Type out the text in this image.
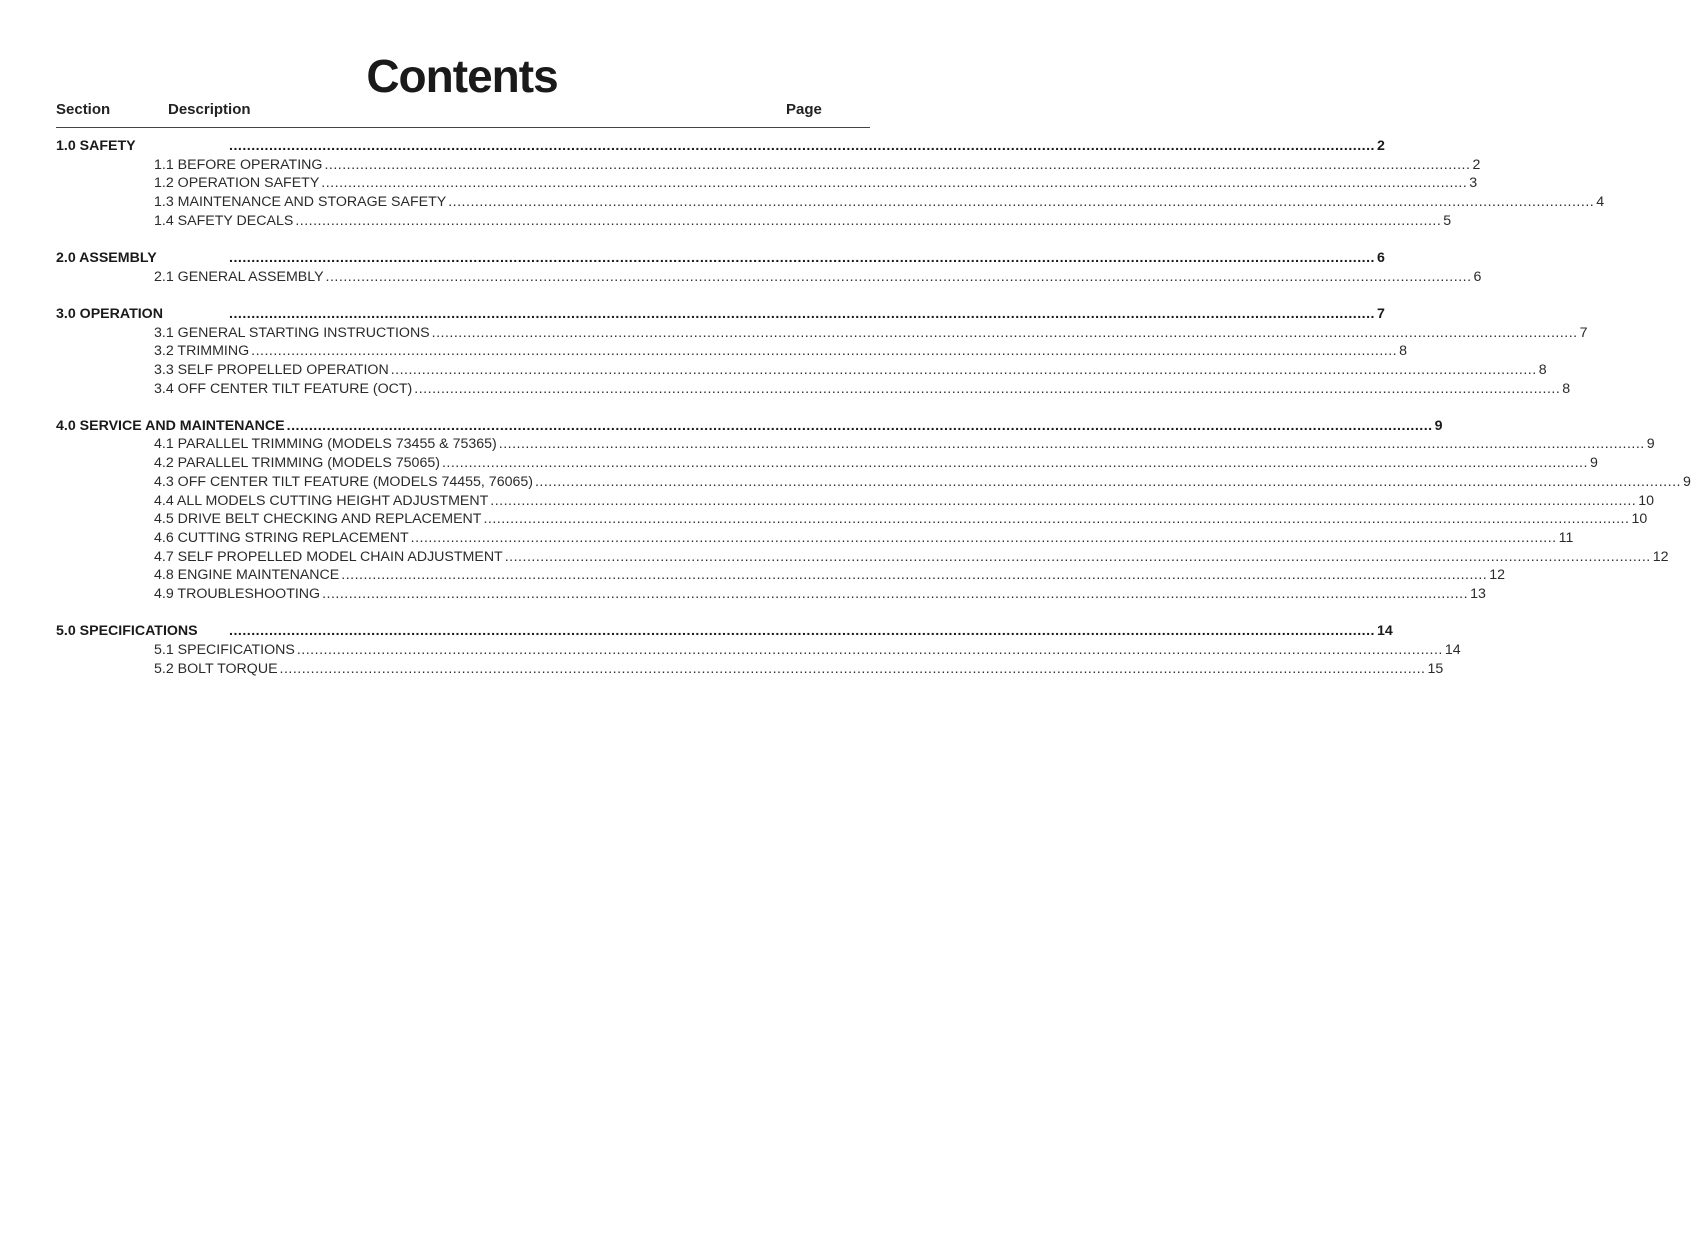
Contents
Section	Description	Page
1.0 SAFETY	.................................................................................................................................................................................................................................................................. 2
1.1 BEFORE OPERATING .................................................................................................................................................................................................................................................................. 2
1.2 OPERATION SAFETY .................................................................................................................................................................................................................................................................. 3
1.3 MAINTENANCE AND STORAGE SAFETY .................................................................................................................................................................................................................................................................. 4
1.4 SAFETY DECALS .................................................................................................................................................................................................................................................................. 5
2.0 ASSEMBLY	.................................................................................................................................................................................................................................................................. 6
2.1 GENERAL ASSEMBLY .................................................................................................................................................................................................................................................................. 6
3.0 OPERATION	.................................................................................................................................................................................................................................................................. 7
3.1 GENERAL STARTING INSTRUCTIONS .................................................................................................................................................................................................................................................................. 7
3.2 TRIMMING .................................................................................................................................................................................................................................................................. 8
3.3 SELF PROPELLED OPERATION .................................................................................................................................................................................................................................................................. 8
3.4 OFF CENTER TILT FEATURE (OCT) .................................................................................................................................................................................................................................................................. 8
4.0 SERVICE AND MAINTENANCE .................................................................................................................................................................................................................................................................. 9
4.1 PARALLEL TRIMMING (MODELS 73455 & 75365) .................................................................................................................................................................................................................................................................. 9
4.2 PARALLEL TRIMMING (MODELS 75065) .................................................................................................................................................................................................................................................................. 9
4.3 OFF CENTER TILT FEATURE (MODELS 74455, 76065) .................................................................................................................................................................................................................................................................. 9
4.4 ALL MODELS CUTTING HEIGHT ADJUSTMENT .................................................................................................................................................................................................................................................................. 10
4.5 DRIVE BELT CHECKING AND REPLACEMENT .................................................................................................................................................................................................................................................................. 10
4.6 CUTTING STRING REPLACEMENT .................................................................................................................................................................................................................................................................. 11
4.7 SELF PROPELLED MODEL CHAIN ADJUSTMENT .................................................................................................................................................................................................................................................................. 12
4.8 ENGINE MAINTENANCE .................................................................................................................................................................................................................................................................. 12
4.9 TROUBLESHOOTING .................................................................................................................................................................................................................................................................. 13
5.0 SPECIFICATIONS	.................................................................................................................................................................................................................................................................. 14
5.1 SPECIFICATIONS .................................................................................................................................................................................................................................................................. 14
5.2 BOLT TORQUE .................................................................................................................................................................................................................................................................. 15
